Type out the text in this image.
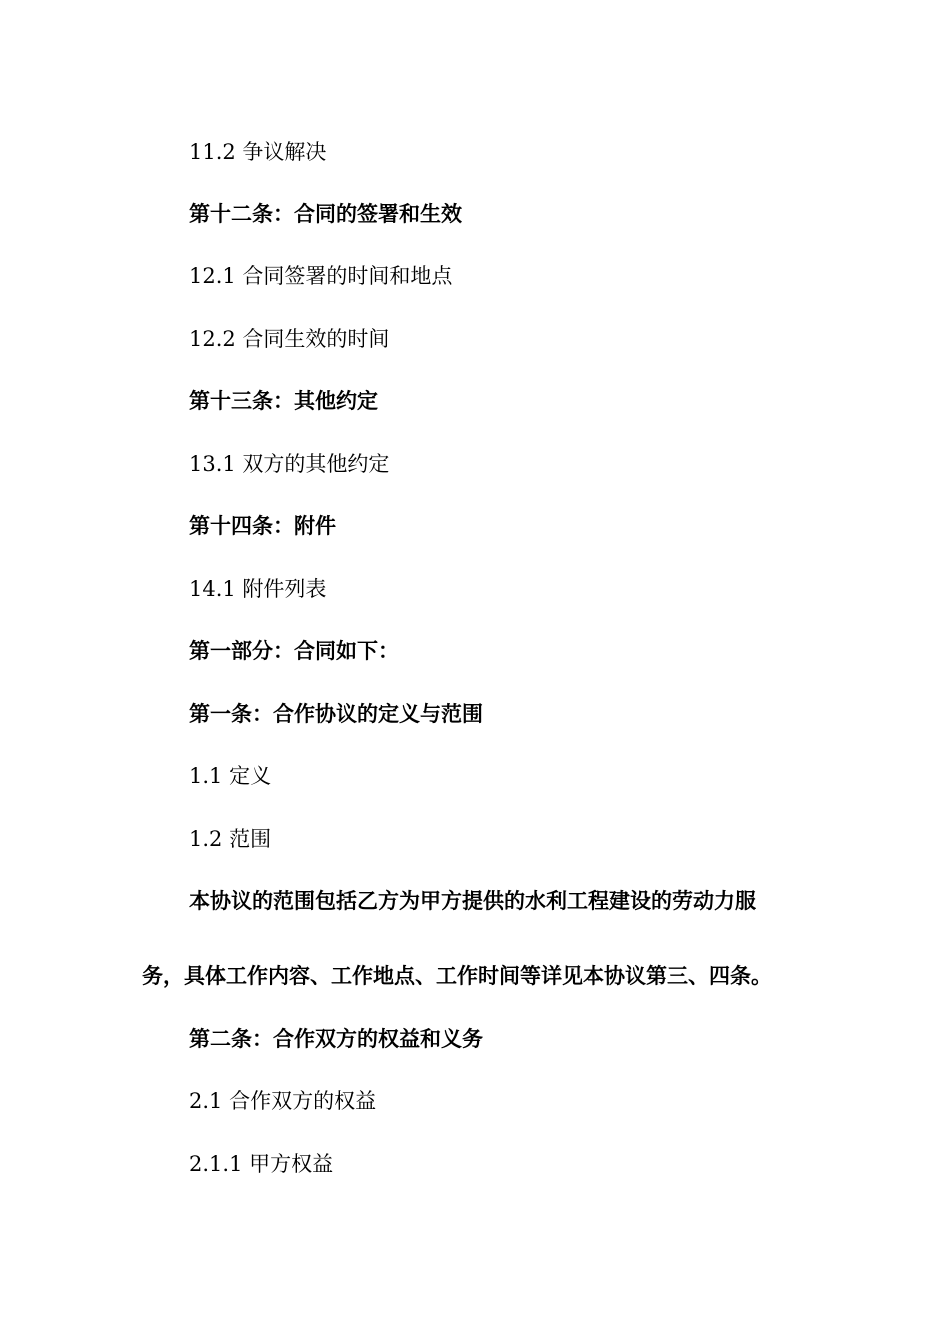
11.2 争议解决
第十二条：合同的签署和生效
12.1 合同签署的时间和地点
12.2 合同生效的时间
第十三条：其他约定
13.1 双方的其他约定
第十四条：附件
14.1 附件列表
第一部分：合同如下：
第一条：合作协议的定义与范围
1.1 定义
1.2 范围
本协议的范围包括乙方为甲方提供的水利工程建设的劳动力服
务，具体工作内容、工作地点、工作时间等详见本协议第三、四条。
第二条：合作双方的权益和义务
2.1 合作双方的权益
2.1.1 甲方权益
